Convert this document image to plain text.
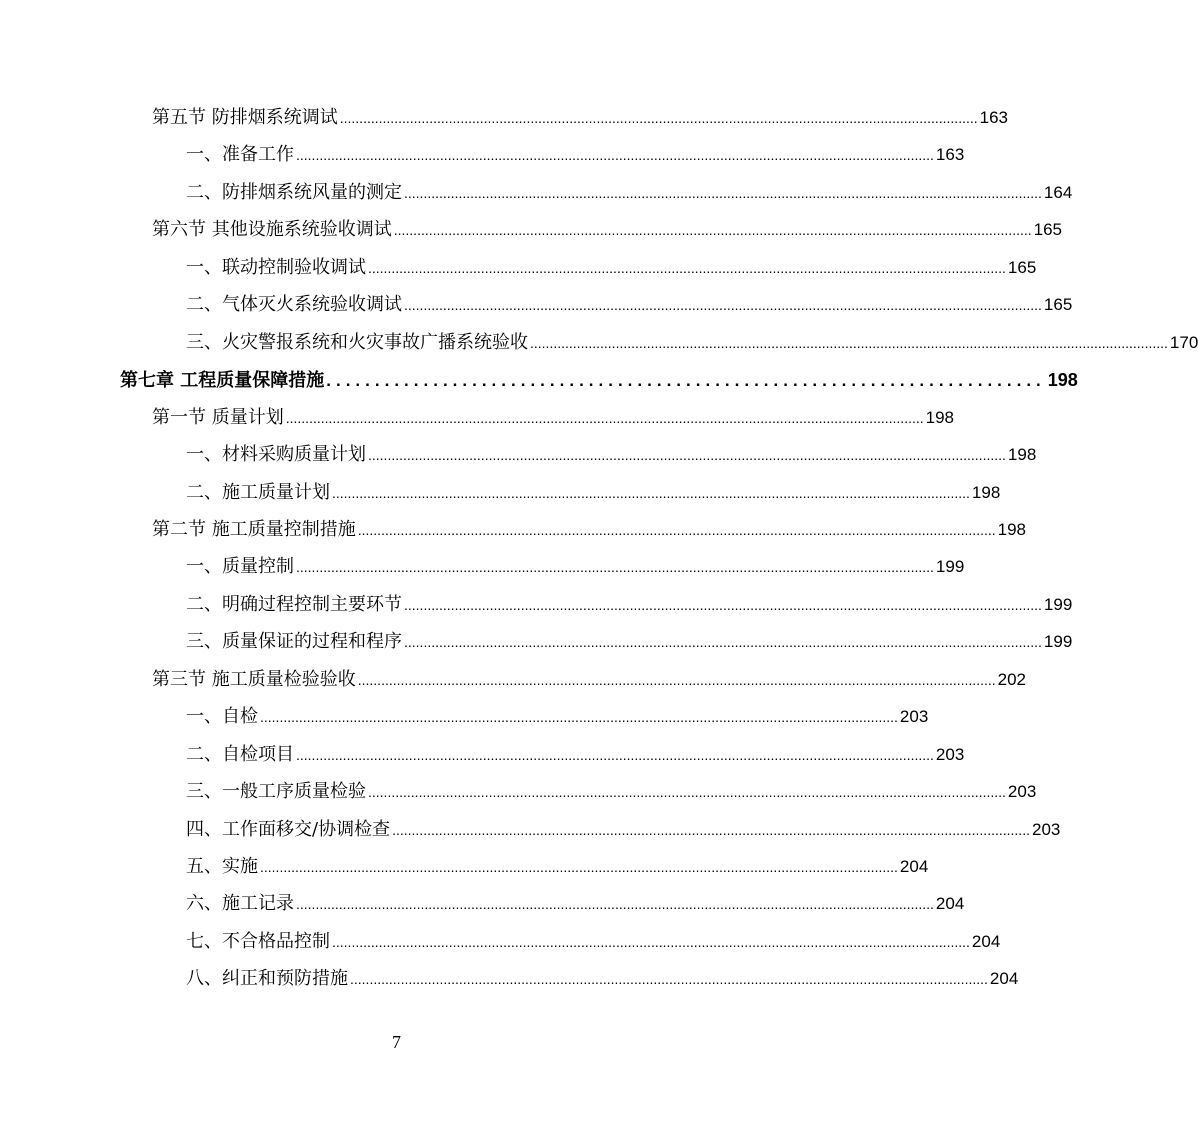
第五节 防排烟系统调试 .................................................................................................................................................................... 163
一、准备工作 .................................................................................................................................................................... 163
二、防排烟系统风量的测定 .................................................................................................................................................................... 164
第六节 其他设施系统验收调试 .................................................................................................................................................................... 165
一、联动控制验收调试 .................................................................................................................................................................... 165
二、气体灭火系统验收调试 .................................................................................................................................................................... 165
三、火灾警报系统和火灾事故广播系统验收 .................................................................................................................................................................... 170
第七章 工程质量保障措施 .......................................................................... 198
第一节 质量计划 .................................................................................................................................................................... 198
一、材料采购质量计划 .................................................................................................................................................................... 198
二、施工质量计划 .................................................................................................................................................................... 198
第二节 施工质量控制措施 .................................................................................................................................................................... 198
一、质量控制 .................................................................................................................................................................... 199
二、明确过程控制主要环节 .................................................................................................................................................................... 199
三、质量保证的过程和程序 .................................................................................................................................................................... 199
第三节 施工质量检验验收 .................................................................................................................................................................... 202
一、自检 .................................................................................................................................................................... 203
二、自检项目 .................................................................................................................................................................... 203
三、一般工序质量检验 .................................................................................................................................................................... 203
四、工作面移交/协调检查 .................................................................................................................................................................... 203
五、实施 .................................................................................................................................................................... 204
六、施工记录 .................................................................................................................................................................... 204
七、不合格品控制 .................................................................................................................................................................... 204
八、纠正和预防措施 .................................................................................................................................................................... 204
7
